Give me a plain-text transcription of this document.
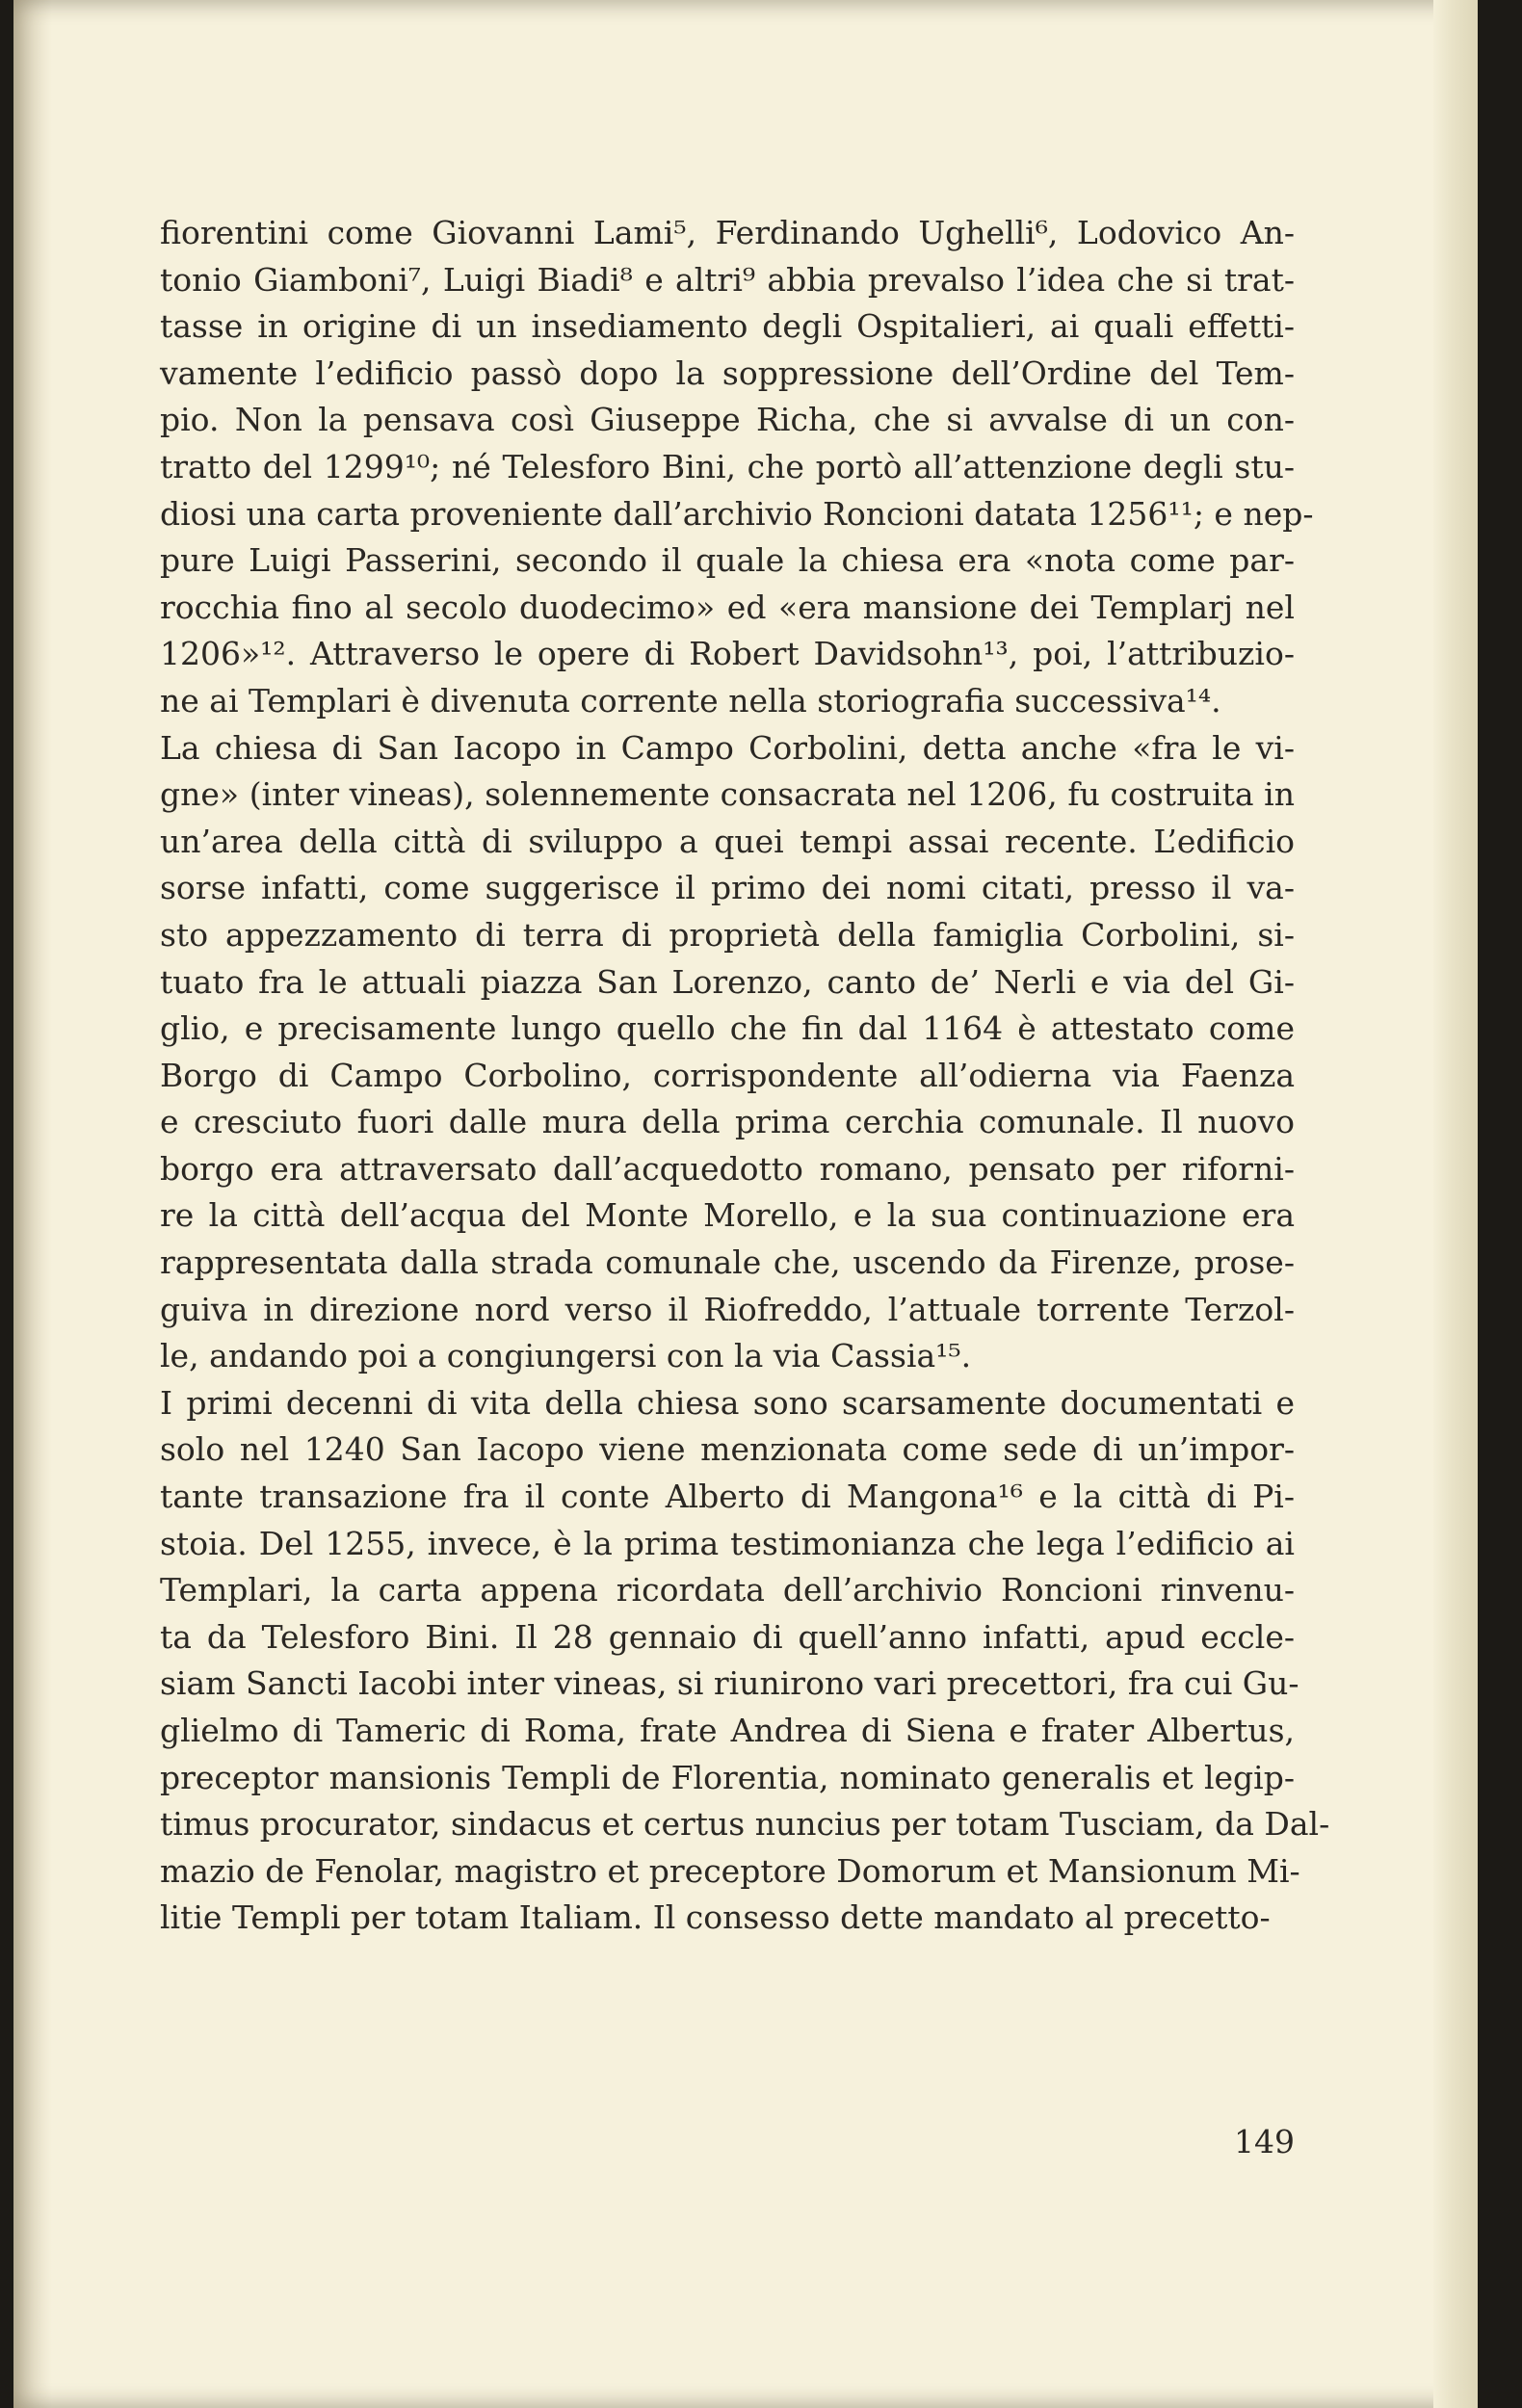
fiorentini come Giovanni Lami⁵, Ferdinando Ughelli⁶, Lodovico An-
tonio Giamboni⁷, Luigi Biadi⁸ e altri⁹ abbia prevalso l’idea che si trat-
tasse in origine di un insediamento degli Ospitalieri, ai quali effetti-
vamente l’edificio passò dopo la soppressione dell’Ordine del Tem-
pio. Non la pensava così Giuseppe Richa, che si avvalse di un con-
tratto del 1299¹⁰; né Telesforo Bini, che portò all’attenzione degli stu-
diosi una carta proveniente dall’archivio Roncioni datata 1256¹¹; e nep-
pure Luigi Passerini, secondo il quale la chiesa era «nota come par-
rocchia fino al secolo duodecimo» ed «era mansione dei Templarj nel
1206»¹². Attraverso le opere di Robert Davidsohn¹³, poi, l’attribuzio-
ne ai Templari è divenuta corrente nella storiografia successiva¹⁴.
La chiesa di San Iacopo in Campo Corbolini, detta anche «fra le vi-
gne» (inter vineas), solennemente consacrata nel 1206, fu costruita in
un’area della città di sviluppo a quei tempi assai recente. L’edificio
sorse infatti, come suggerisce il primo dei nomi citati, presso il va-
sto appezzamento di terra di proprietà della famiglia Corbolini, si-
tuato fra le attuali piazza San Lorenzo, canto de’ Nerli e via del Gi-
glio, e precisamente lungo quello che fin dal 1164 è attestato come
Borgo di Campo Corbolino, corrispondente all’odierna via Faenza
e cresciuto fuori dalle mura della prima cerchia comunale. Il nuovo
borgo era attraversato dall’acquedotto romano, pensato per riforni-
re la città dell’acqua del Monte Morello, e la sua continuazione era
rappresentata dalla strada comunale che, uscendo da Firenze, prose-
guiva in direzione nord verso il Riofreddo, l’attuale torrente Terzol-
le, andando poi a congiungersi con la via Cassia¹⁵.
I primi decenni di vita della chiesa sono scarsamente documentati e
solo nel 1240 San Iacopo viene menzionata come sede di un’impor-
tante transazione fra il conte Alberto di Mangona¹⁶ e la città di Pi-
stoia. Del 1255, invece, è la prima testimonianza che lega l’edificio ai
Templari, la carta appena ricordata dell’archivio Roncioni rinvenu-
ta da Telesforo Bini. Il 28 gennaio di quell’anno infatti, apud eccle-
siam Sancti Iacobi inter vineas, si riunirono vari precettori, fra cui Gu-
glielmo di Tameric di Roma, frate Andrea di Siena e frater Albertus,
preceptor mansionis Templi de Florentia, nominato generalis et legip-
timus procurator, sindacus et certus nuncius per totam Tusciam, da Dal-
mazio de Fenolar, magistro et preceptore Domorum et Mansionum Mi-
litie Templi per totam Italiam. Il consesso dette mandato al precetto-
149
